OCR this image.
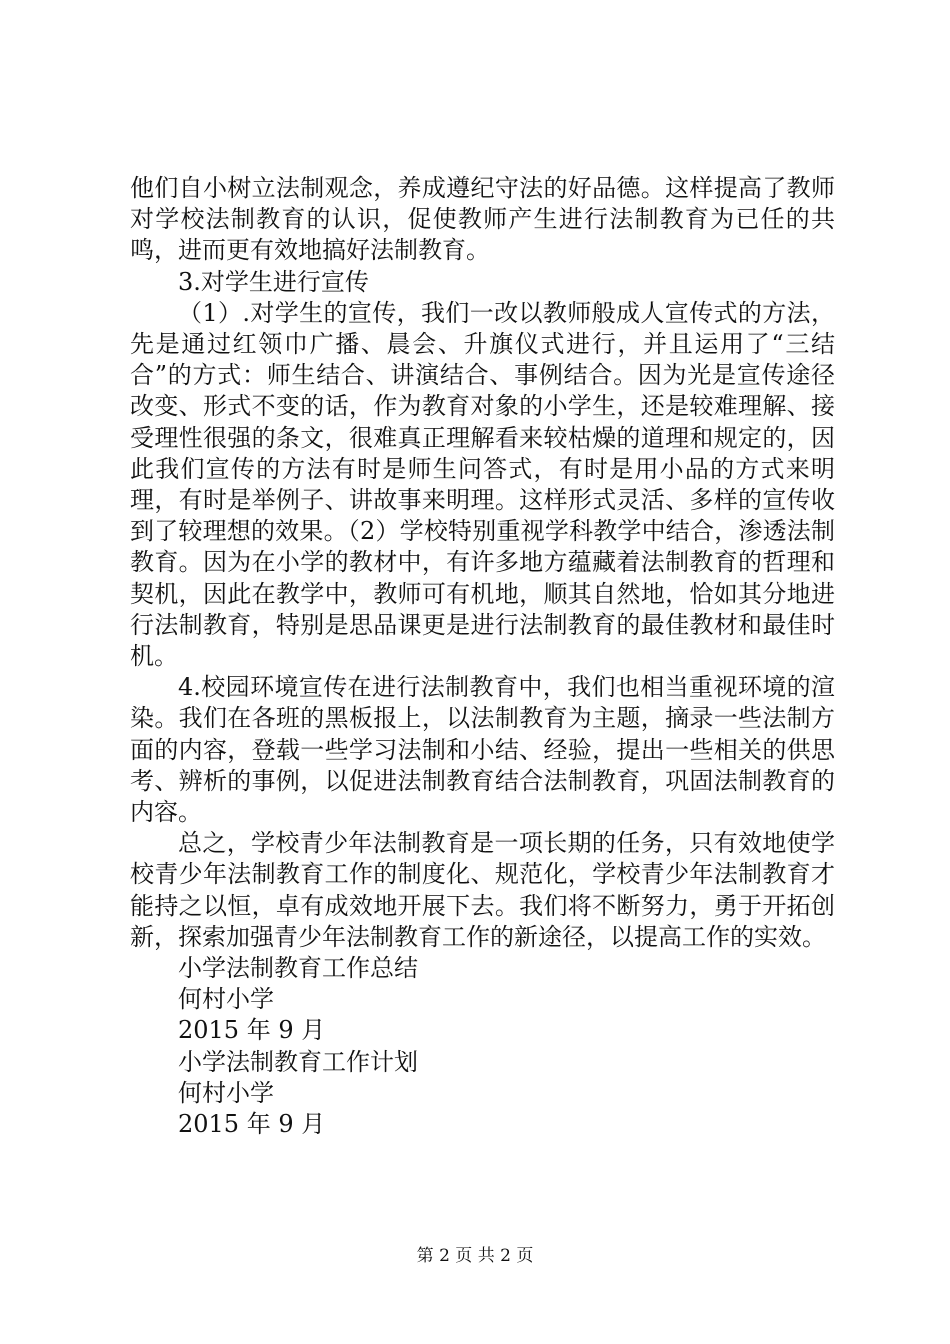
他们自小树立法制观念，养成遵纪守法的好品德。这样提高了教师对学校法制教育的认识，促使教师产生进行法制教育为已任的共鸣，进而更有效地搞好法制教育。

3.对学生进行宣传

（1）.对学生的宣传，我们一改以教师般成人宣传式的方法，先是通过红领巾广播、晨会、升旗仪式进行，并且运用了“三结合”的方式：师生结合、讲演结合、事例结合。因为光是宣传途径改变、形式不变的话，作为教育对象的小学生，还是较难理解、接受理性很强的条文，很难真正理解看来较枯燥的道理和规定的，因此我们宣传的方法有时是师生问答式，有时是用小品的方式来明理，有时是举例子、讲故事来明理。这样形式灵活、多样的宣传收到了较理想的效果。（2）学校特别重视学科教学中结合，渗透法制教育。因为在小学的教材中，有许多地方蕴藏着法制教育的哲理和契机，因此在教学中，教师可有机地，顺其自然地，恰如其分地进行法制教育，特别是思品课更是进行法制教育的最佳教材和最佳时机。

4.校园环境宣传在进行法制教育中，我们也相当重视环境的渲染。我们在各班的黑板报上，以法制教育为主题，摘录一些法制方面的内容，登载一些学习法制和小结、经验，提出一些相关的供思考、辨析的事例，以促进法制教育结合法制教育，巩固法制教育的内容。

总之，学校青少年法制教育是一项长期的任务，只有效地使学校青少年法制教育工作的制度化、规范化，学校青少年法制教育才能持之以恒，卓有成效地开展下去。我们将不断努力，勇于开拓创新，探索加强青少年法制教育工作的新途径，以提高工作的实效。

小学法制教育工作总结

何村小学

2015 年 9 月

小学法制教育工作计划

何村小学

2015 年 9 月

第 2 页 共 2 页
